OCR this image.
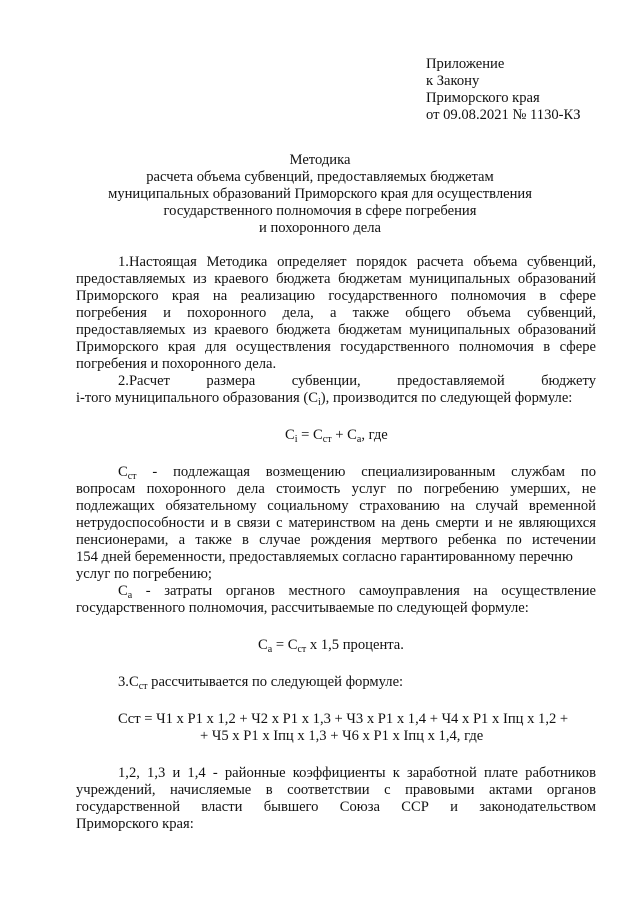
Приложение
к Закону
Приморского края
от 09.08.2021 № 1130-КЗ
Методика
расчета объема субвенций, предоставляемых бюджетам
муниципальных образований Приморского края для осуществления
государственного полномочия в сфере погребения
и похоронного дела
1.Настоящая Методика определяет порядок расчета объема субвенций,
предоставляемых из краевого бюджета бюджетам муниципальных образований
Приморского края на реализацию государственного полномочия в сфере
погребения и похоронного дела, а также общего объема субвенций,
предоставляемых из краевого бюджета бюджетам муниципальных образований
Приморского края для осуществления государственного полномочия в сфере
погребения и похоронного дела.
2.Расчет размера субвенции, предоставляемой бюджету
i-того муниципального образования $(C_i)$, производится по следующей формуле:
$C_i = C_{ст} + C_a$, где
$C_{ст}$ - подлежащая возмещению специализированным службам по
вопросам похоронного дела стоимость услуг по погребению умерших, не
подлежащих обязательному социальному страхованию на случай временной
нетрудоспособности и в связи с материнством на день смерти и не являющихся
пенсионерами, а также в случае рождения мертвого ребенка по истечении
154 дней беременности, предоставляемых согласно гарантированному перечню
услуг по погребению;
$C_a$ - затраты органов местного самоуправления на осуществление
государственного полномочия, рассчитываемые по следующей формуле:
$C_a = C_{ст}$ x 1,5 процента.
$3.C_{ст}$ рассчитывается по следующей формуле:
Cст = Ч1 x P1 x 1,2 + Ч2 x P1 x 1,3 + Ч3 x P1 x 1,4 + Ч4 x P1 x Iпц x 1,2 +
+ Ч5 x P1 x Iпц x 1,3 + Ч6 x P1 x Iпц x 1,4, где
1,2, 1,3 и 1,4 - районные коэффициенты к заработной плате работников
учреждений, начисляемые в соответствии с правовыми актами органов
государственной власти бывшего Союза ССР и законодательством
Приморского края:
